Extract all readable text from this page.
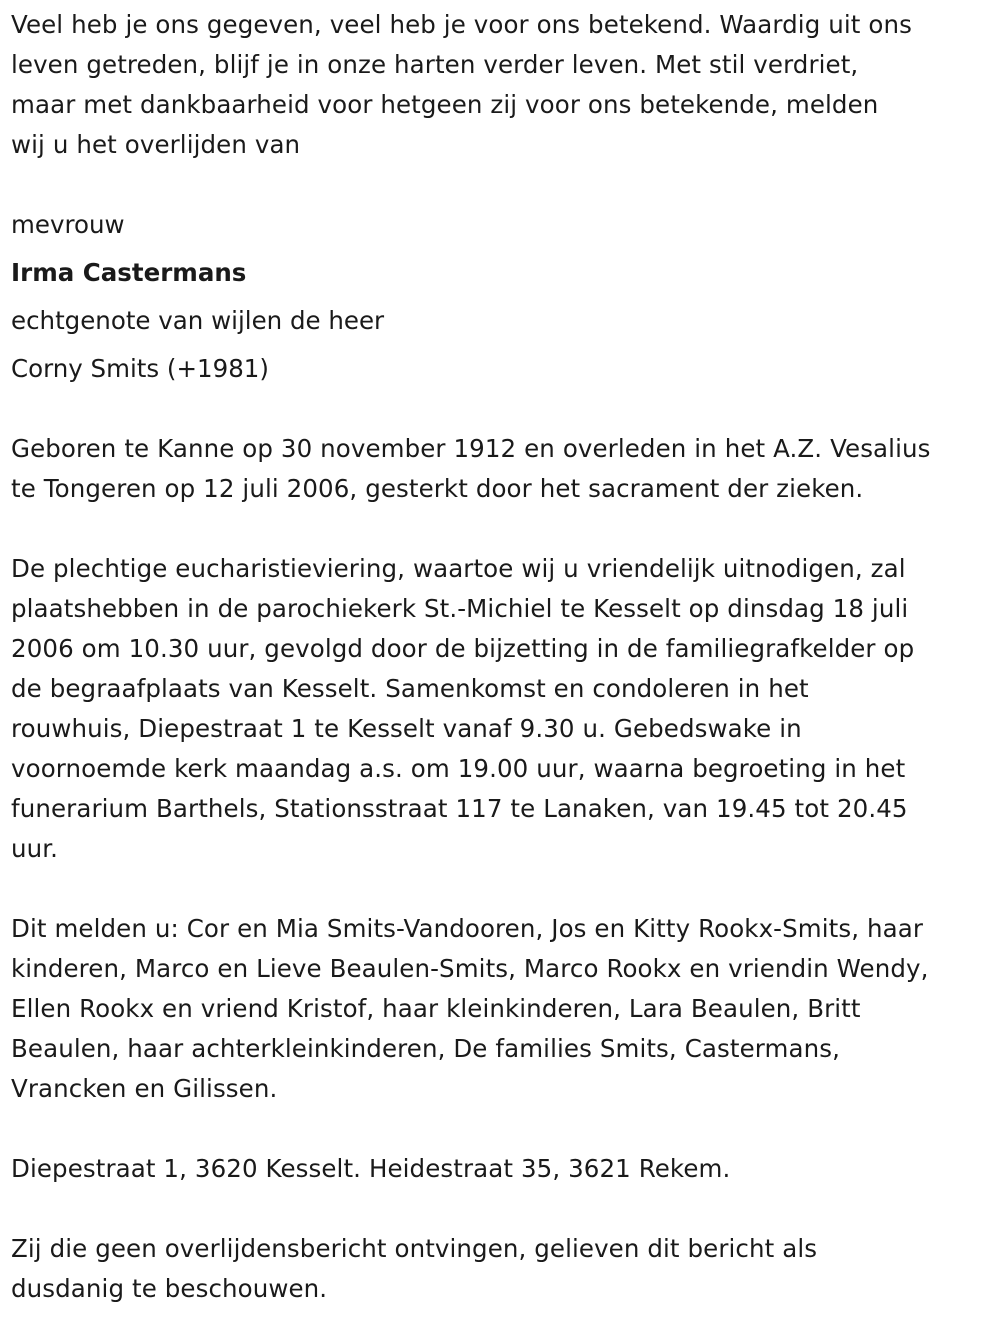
Veel heb je ons gegeven, veel heb je voor ons betekend. Waardig uit ons

leven getreden, blijf je in onze harten verder leven. Met stil verdriet,

maar met dankbaarheid voor hetgeen zij voor ons betekende, melden

wij u het overlijden van

mevrouw

Irma Castermans

echtgenote van wijlen de heer

Corny Smits (+1981)

Geboren te Kanne op 30 november 1912 en overleden in het A.Z. Vesalius

te Tongeren op 12 juli 2006, gesterkt door het sacrament der zieken.

De plechtige eucharistieviering, waartoe wij u vriendelijk uitnodigen, zal

plaatshebben in de parochiekerk St.-Michiel te Kesselt op dinsdag 18 juli

2006 om 10.30 uur, gevolgd door de bijzetting in de familiegrafkelder op

de begraafplaats van Kesselt. Samenkomst en condoleren in het

rouwhuis, Diepestraat 1 te Kesselt vanaf 9.30 u. Gebedswake in

voornoemde kerk maandag a.s. om 19.00 uur, waarna begroeting in het

funerarium Barthels, Stationsstraat 117 te Lanaken, van 19.45 tot 20.45

uur.

Dit melden u: Cor en Mia Smits-Vandooren, Jos en Kitty Rookx-Smits, haar

kinderen, Marco en Lieve Beaulen-Smits, Marco Rookx en vriendin Wendy,

Ellen Rookx en vriend Kristof, haar kleinkinderen, Lara Beaulen, Britt

Beaulen, haar achterkleinkinderen, De families Smits, Castermans,

Vrancken en Gilissen.

Diepestraat 1, 3620 Kesselt. Heidestraat 35, 3621 Rekem.

Zij die geen overlijdensbericht ontvingen, gelieven dit bericht als

dusdanig te beschouwen.
